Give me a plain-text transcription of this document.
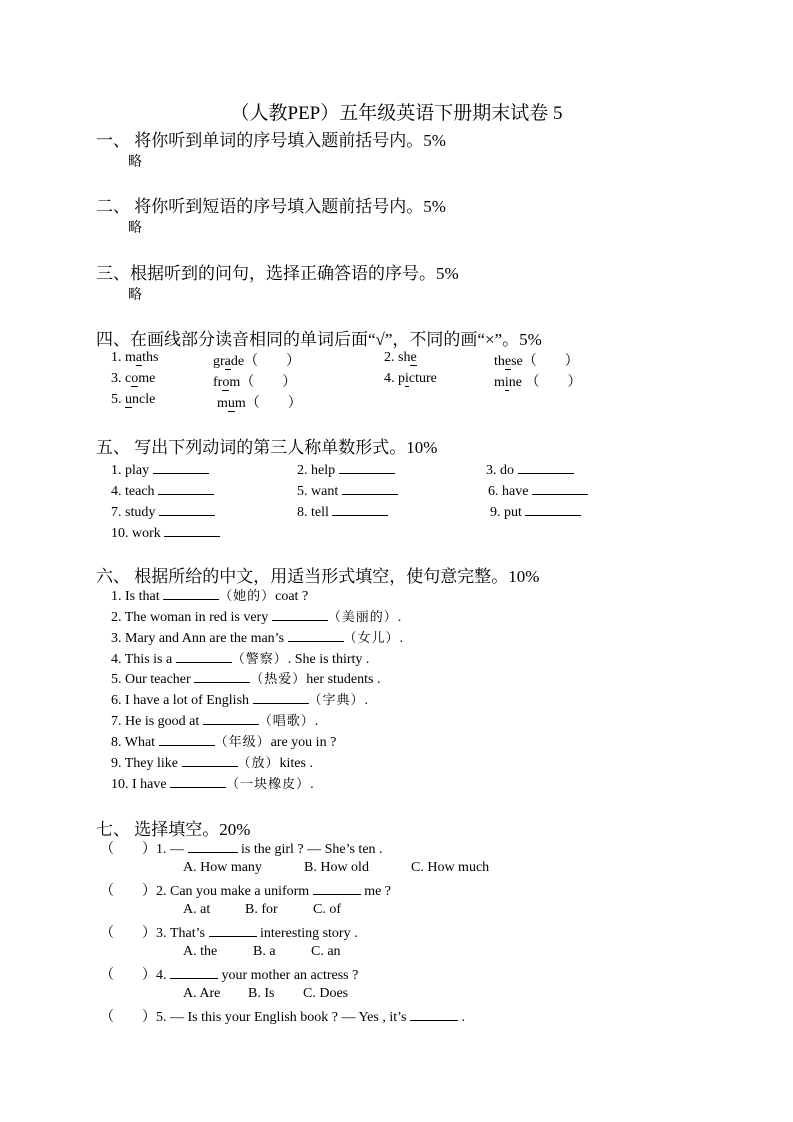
（人教PEP）五年级英语下册期末试卷 5
一、 将你听到单词的序号填入题前括号内。5%
略
二、 将你听到短语的序号填入题前括号内。5%
略
三、根据听到的问句，选择正确答语的序号。5%
略
四、在画线部分读音相同的单词后面“√”，不同的画“×”。5%
1. maths	grade（　　）	2. she	these（　　）
3. come	from（　　）	4. picture	mine （　　）
5. uncle	mum（　　）
五、 写出下列动词的第三人称单数形式。10%
1. play	2. help	3. do
4. teach	5. want	6. have
7. study	8. tell	9. put
10. work
六、 根据所给的中文，用适当形式填空，使句意完整。10%
1. Is that	（她的）coat ?
2. The woman in red is very	（美丽的）.
3. Mary and Ann are the man’s	（女儿）.
4. This is a	（警察）. She is thirty .
5. Our teacher	（热爱）her students .
6. I have a lot of English	（字典）.
7. He is good at	（唱歌）.
8. What	（年级）are you in ?
9. They like	（放）kites .
10. I have	（一块橡皮）.
七、 选择填空。20%
（　　）1. —	is the girl ? — She’s ten .
A. How many	B. How old	C. How much
（　　）2. Can you make a uniform	me ?
A. at B. for	C. of
（　　）3. That’s	interesting story .
A. the	B. a	C. an
（　　）4.	your mother an actress ?
A. Are B. Is C. Does
（　　）5. — Is this your English book ? — Yes , it’s	.
